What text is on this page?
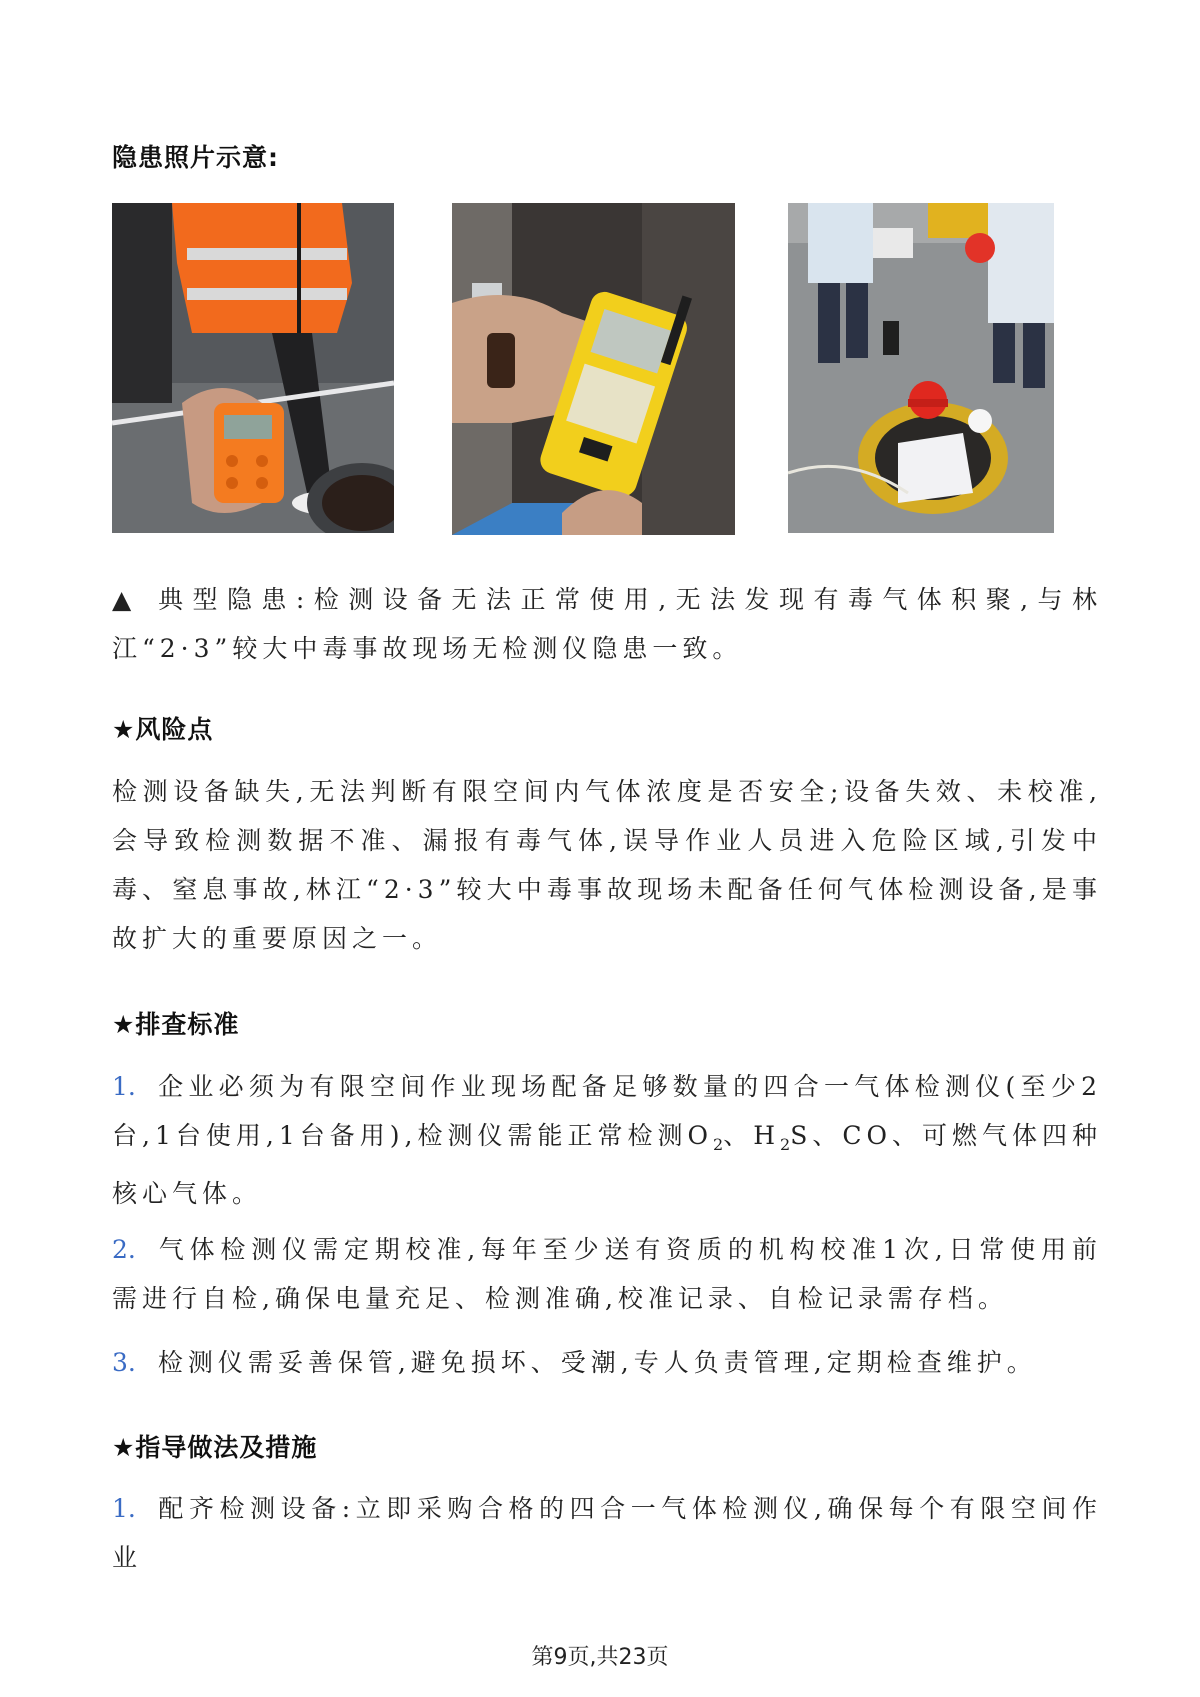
隐患照片示意:
▲ 典型隐患:检测设备无法正常使用,无法发现有毒气体积聚,与林江“2·3”较大中毒事故现场无检测仪隐患一致。
★风险点
检测设备缺失,无法判断有限空间内气体浓度是否安全;设备失效、未校准,会导致检测数据不准、漏报有毒气体,误导作业人员进入危险区域,引发中毒、窒息事故,林江“2·3”较大中毒事故现场未配备任何气体检测设备,是事故扩大的重要原因之一。
★排查标准
1. 企业必须为有限空间作业现场配备足够数量的四合一气体检测仪(至少2台,1台使用,1台备用),检测仪需能正常检测$O_2$、$H_2S$、CO、可燃气体四种核心气体。
2. 气体检测仪需定期校准,每年至少送有资质的机构校准1次,日常使用前需进行自检,确保电量充足、检测准确,校准记录、自检记录需存档。
3. 检测仪需妥善保管,避免损坏、受潮,专人负责管理,定期检查维护。
★指导做法及措施
1. 配齐检测设备:立即采购合格的四合一气体检测仪,确保每个有限空间作业
第9页,共23页
